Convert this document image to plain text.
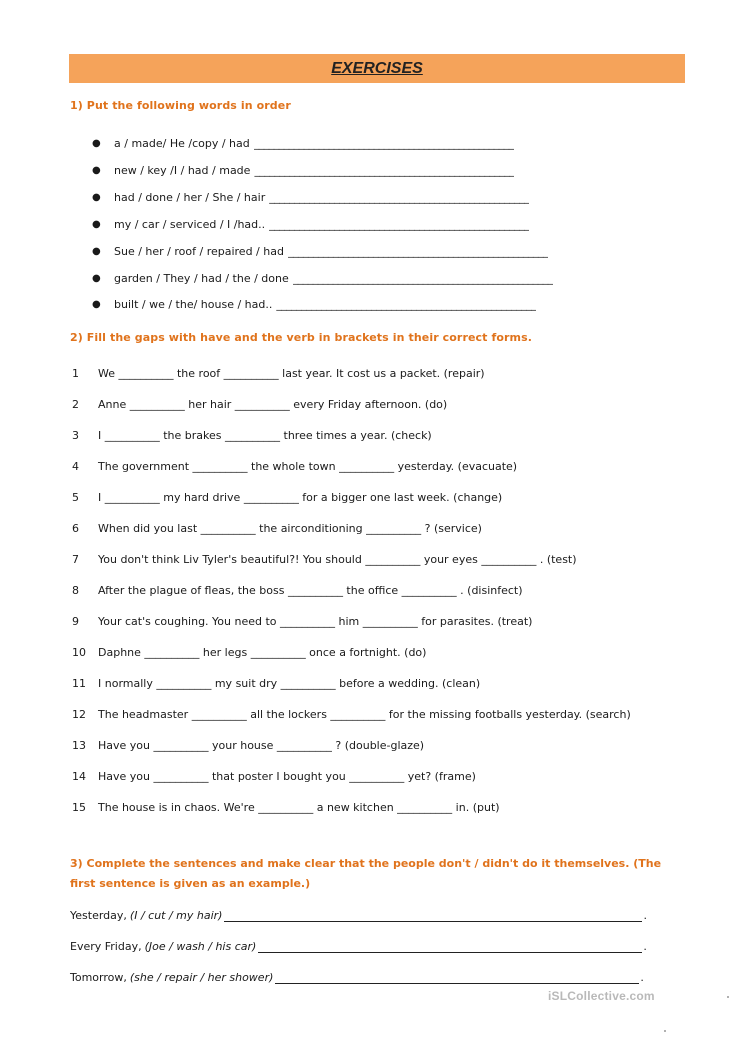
EXERCISES
1) Put the following words in order
●	a / made/ He /copy / had ____________________________________________________
●	new / key /I / had / made ____________________________________________________
●	had / done / her / She / hair ____________________________________________________
●	my / car / serviced / I /had.. ____________________________________________________
●	Sue / her / roof / repaired / had ____________________________________________________
●	garden / They / had / the / done ____________________________________________________
●	built / we / the/ house / had.. ____________________________________________________
2) Fill the gaps with have and the verb in brackets in their correct forms.
1	We __________ the roof __________ last year. It cost us a packet. (repair)
2	Anne __________ her hair __________ every Friday afternoon. (do)
3	I __________ the brakes __________ three times a year. (check)
4	The government __________ the whole town __________ yesterday. (evacuate)
5	I __________ my hard drive __________ for a bigger one last week. (change)
6	When did you last __________ the airconditioning __________ ? (service)
7	You don't think Liv Tyler's beautiful?! You should __________ your eyes __________ . (test)
8	After the plague of fleas, the boss __________ the office __________ . (disinfect)
9	Your cat's coughing. You need to __________ him __________ for parasites. (treat)
10	Daphne __________ her legs __________ once a fortnight. (do)
11	I normally __________ my suit dry __________ before a wedding. (clean)
12	The headmaster __________ all the lockers __________ for the missing footballs yesterday. (search)
13	Have you __________ your house __________ ? (double-glaze)
14	Have you __________ that poster I bought you __________ yet? (frame)
15	The house is in chaos. We're __________ a new kitchen __________ in. (put)
3) Complete the sentences and make clear that the people don't / didn't do it themselves. (The first sentence is given as an example.)
Yesterday, (I / cut / my hair)	.
Every Friday, (Joe / wash / his car)	.
Tomorrow, (she / repair / her shower)	.
iSLCollective.com
